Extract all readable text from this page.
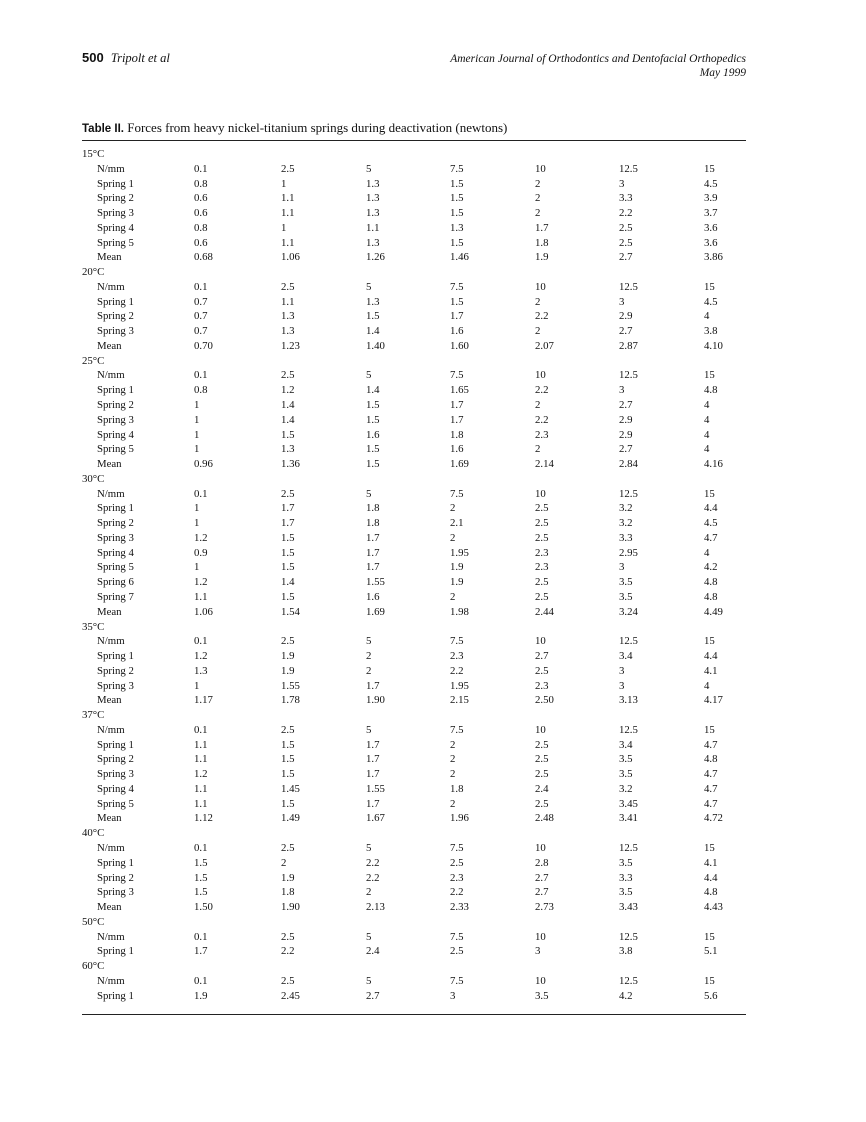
500 Tripolt et al	American Journal of Orthodontics and Dentofacial Orthopedics
May 1999
Table II. Forces from heavy nickel-titanium springs during deactivation (newtons)
15°C
N/mm	0.1	2.5	5	7.5	10	12.5	15
Spring 1	0.8	1	1.3	1.5	2	3	4.5
Spring 2	0.6	1.1	1.3	1.5	2	3.3	3.9
Spring 3	0.6	1.1	1.3	1.5	2	2.2	3.7
Spring 4	0.8	1	1.1	1.3	1.7	2.5	3.6
Spring 5	0.6	1.1	1.3	1.5	1.8	2.5	3.6
Mean	0.68	1.06	1.26	1.46	1.9	2.7	3.86
20°C
N/mm	0.1	2.5	5	7.5	10	12.5	15
Spring 1	0.7	1.1	1.3	1.5	2	3	4.5
Spring 2	0.7	1.3	1.5	1.7	2.2	2.9	4
Spring 3	0.7	1.3	1.4	1.6	2	2.7	3.8
Mean	0.70	1.23	1.40	1.60	2.07	2.87	4.10
25°C
N/mm	0.1	2.5	5	7.5	10	12.5	15
Spring 1	0.8	1.2	1.4	1.65	2.2	3	4.8
Spring 2	1	1.4	1.5	1.7	2	2.7	4
Spring 3	1	1.4	1.5	1.7	2.2	2.9	4
Spring 4	1	1.5	1.6	1.8	2.3	2.9	4
Spring 5	1	1.3	1.5	1.6	2	2.7	4
Mean	0.96	1.36	1.5	1.69	2.14	2.84	4.16
30°C
N/mm	0.1	2.5	5	7.5	10	12.5	15
Spring 1	1	1.7	1.8	2	2.5	3.2	4.4
Spring 2	1	1.7	1.8	2.1	2.5	3.2	4.5
Spring 3	1.2	1.5	1.7	2	2.5	3.3	4.7
Spring 4	0.9	1.5	1.7	1.95	2.3	2.95	4
Spring 5	1	1.5	1.7	1.9	2.3	3	4.2
Spring 6	1.2	1.4	1.55	1.9	2.5	3.5	4.8
Spring 7	1.1	1.5	1.6	2	2.5	3.5	4.8
Mean	1.06	1.54	1.69	1.98	2.44	3.24	4.49
35°C
N/mm	0.1	2.5	5	7.5	10	12.5	15
Spring 1	1.2	1.9	2	2.3	2.7	3.4	4.4
Spring 2	1.3	1.9	2	2.2	2.5	3	4.1
Spring 3	1	1.55	1.7	1.95	2.3	3	4
Mean	1.17	1.78	1.90	2.15	2.50	3.13	4.17
37°C
N/mm	0.1	2.5	5	7.5	10	12.5	15
Spring 1	1.1	1.5	1.7	2	2.5	3.4	4.7
Spring 2	1.1	1.5	1.7	2	2.5	3.5	4.8
Spring 3	1.2	1.5	1.7	2	2.5	3.5	4.7
Spring 4	1.1	1.45	1.55	1.8	2.4	3.2	4.7
Spring 5	1.1	1.5	1.7	2	2.5	3.45	4.7
Mean	1.12	1.49	1.67	1.96	2.48	3.41	4.72
40°C
N/mm	0.1	2.5	5	7.5	10	12.5	15
Spring 1	1.5	2	2.2	2.5	2.8	3.5	4.1
Spring 2	1.5	1.9	2.2	2.3	2.7	3.3	4.4
Spring 3	1.5	1.8	2	2.2	2.7	3.5	4.8
Mean	1.50	1.90	2.13	2.33	2.73	3.43	4.43
50°C
N/mm	0.1	2.5	5	7.5	10	12.5	15
Spring 1	1.7	2.2	2.4	2.5	3	3.8	5.1
60°C
N/mm	0.1	2.5	5	7.5	10	12.5	15
Spring 1	1.9	2.45	2.7	3	3.5	4.2	5.6
